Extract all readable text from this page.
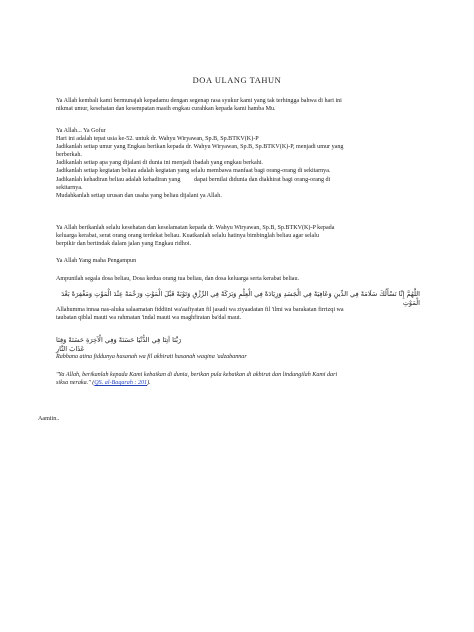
DOA ULANG TAHUN
Ya Allah kembali kami bermunajah kepadamu dengan segenap rasa syukur kami yang tak terhingga bahwa di hari ini
nikmat umur, kesehatan dan kesempatan masih engkau curahkan kepada kami hamba Mu.
Ya Allah... Ya Gofur
Hari ini adalah tepat usia ke-52. untuk dr. Wahyu Wiryawan, Sp.B, Sp.BTKV(K)-P
Jadikanlah setiap umur yang Engkau berikan kepada dr. Wahyu Wiryawan, Sp.B, Sp.BTKV(K)-P, menjadi umur yang
berberkah.
Jadikanlah setiap apa yang dijalani di dunia ini menjadi ibadah yang engkau berkahi.
Jadikanlah setiap kegiatan beliau adalah kegiatan yang selalu membawa manfaat bagi orang-orang di sekitarnya.
Jadikanlah kehadiran beliau adalah kehadiran yang         dapat bernilai didunia dan diakhirat bagi orang-orang di
sekitarnya.
Mudahkanlah setiap urusan dan usaha yang beliau dijalani ya Allah.
Ya Allah berikanlah selalu kesehatan dan keselamatan kepada dr. Wahyu Wiryawan, Sp.B, Sp.BTKV(K)-P kepada
keluarga kerabat, serat orang orang terdekat beliau. Kuatkanlah selalu hatinya bimbinglah beliau agar selalu
berpikir dan bertindak dalam jalan yang Engkau ridhoi.
Ya Allah Yang maha Pengampun
Ampunilah segala dosa beliau, Dosa kedua orang tua beliau, dan dosa keluarga serta kerabat beliau.
اللَّهُمَّ إِنَّا نَسْأَلُكَ سَلَامَةً فِي الدِّينِ وَعَافِيَةً فِي الْجَسَدِ وَزِيَادَةً فِي الْعِلْمِ وَبَرَكَةً فِي الرِّزْقِ وَتَوْبَةً قَبْلَ الْمَوْتِ وَرَحْمَةً عِنْدَ الْمَوْتِ وَمَغْفِرَةً بَعْدَ الْمَوْتِ
Allahumma innaa nas-aluka salaamatan fiddiini wa'aafiyatan fil jasadi wa ziyaadatan fil 'ilmi wa barakatan firrizqi wa
taubatan qiblal mauti wa rahmatan 'indal mauti wa maghfiratan ba'dal maut.
رَبَّنَا آتِنَا فِي الدُّنْيَا حَسَنَةً وَفِي الْآخِرَةِ حَسَنَةً وَقِنَا عَذَابَ النَّارِ
Rabbana atina fiddunya hasanah wa fil akhirati hasanah waqina 'adzabannar
"Ya Allah, berikanlah kepada Kami kebaikan di dunia, berikan pula kebaikan di akhirat dan lindungilah Kami dari
siksa neraka." (QS. al-Baqarah : 201).
Aamiin..
